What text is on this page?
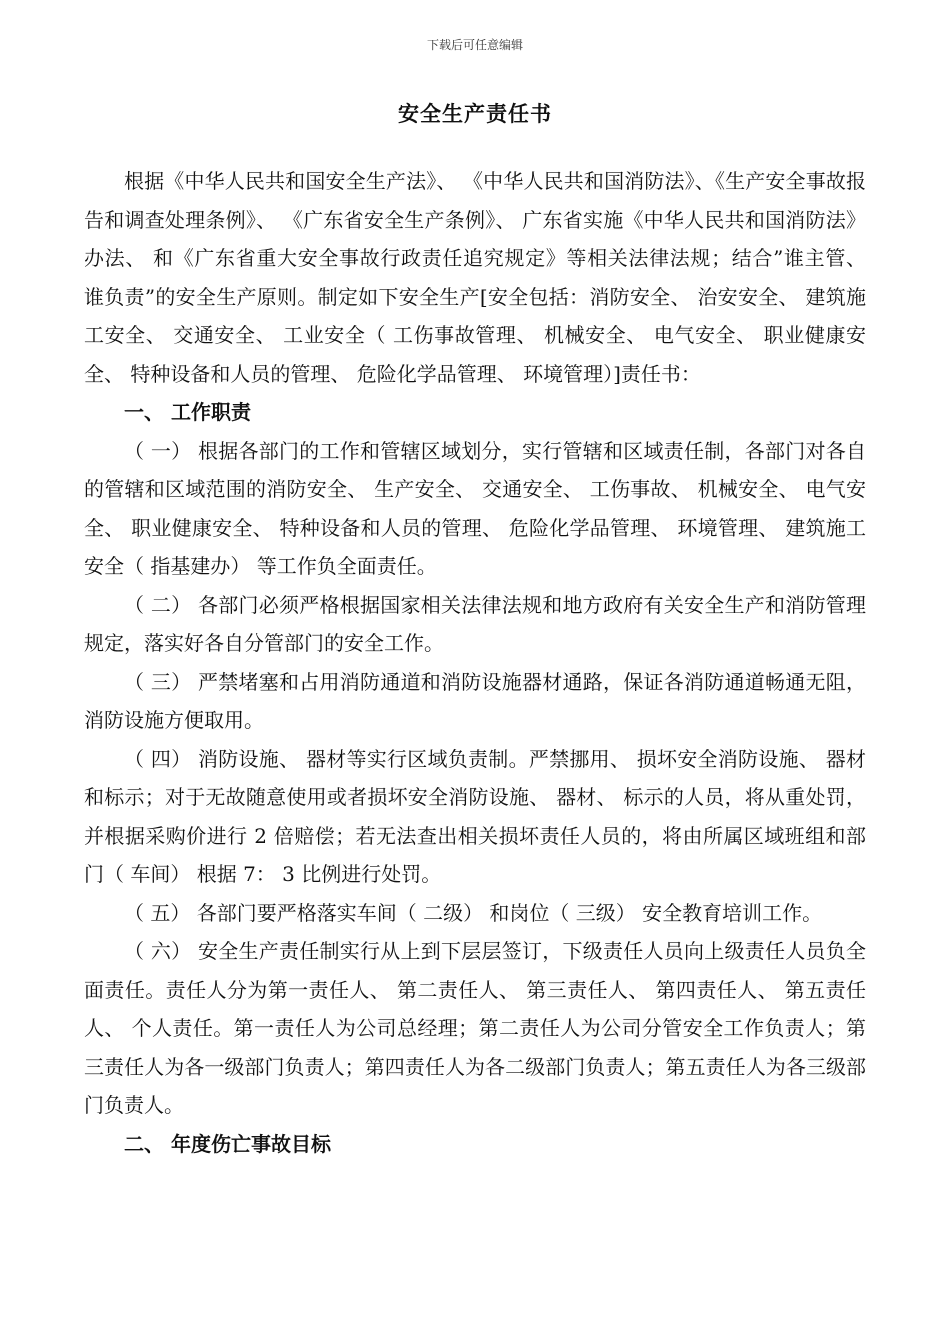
下载后可任意编辑
安全生产责任书

根据《中华人民共和国安全生产法》、 《中华人民共和国消防法》、《生产安全事故报告和调查处理条例》、 《广东省安全生产条例》、 广东省实施《中华人民共和国消防法》办法、 和《广东省重大安全事故行政责任追究规定》等相关法律法规；结合”谁主管、 谁负责”的安全生产原则。制定如下安全生产[安全包括：消防安全、 治安安全、 建筑施工安全、 交通安全、 工业安全（ 工伤事故管理、 机械安全、 电气安全、 职业健康安全、 特种设备和人员的管理、 危险化学品管理、 环境管理）]责任书：

一、 工作职责

（ 一） 根据各部门的工作和管辖区域划分，实行管辖和区域责任制，各部门对各自的管辖和区域范围的消防安全、 生产安全、 交通安全、 工伤事故、 机械安全、 电气安全、 职业健康安全、 特种设备和人员的管理、 危险化学品管理、 环境管理、 建筑施工安全（ 指基建办） 等工作负全面责任。

（ 二） 各部门必须严格根据国家相关法律法规和地方政府有关安全生产和消防管理规定，落实好各自分管部门的安全工作。

（ 三） 严禁堵塞和占用消防通道和消防设施器材通路，保证各消防通道畅通无阻，消防设施方便取用。

（ 四） 消防设施、 器材等实行区域负责制。严禁挪用、 损坏安全消防设施、 器材和标示；对于无故随意使用或者损坏安全消防设施、 器材、 标示的人员，将从重处罚，并根据采购价进行 2 倍赔偿；若无法查出相关损坏责任人员的，将由所属区域班组和部门（ 车间） 根据 7： 3 比例进行处罚。

（ 五） 各部门要严格落实车间（ 二级） 和岗位（ 三级） 安全教育培训工作。

（ 六） 安全生产责任制实行从上到下层层签订，下级责任人员向上级责任人员负全面责任。责任人分为第一责任人、 第二责任人、 第三责任人、 第四责任人、 第五责任人、 个人责任。第一责任人为公司总经理；第二责任人为公司分管安全工作负责人；第三责任人为各一级部门负责人；第四责任人为各二级部门负责人；第五责任人为各三级部门负责人。

二、 年度伤亡事故目标
